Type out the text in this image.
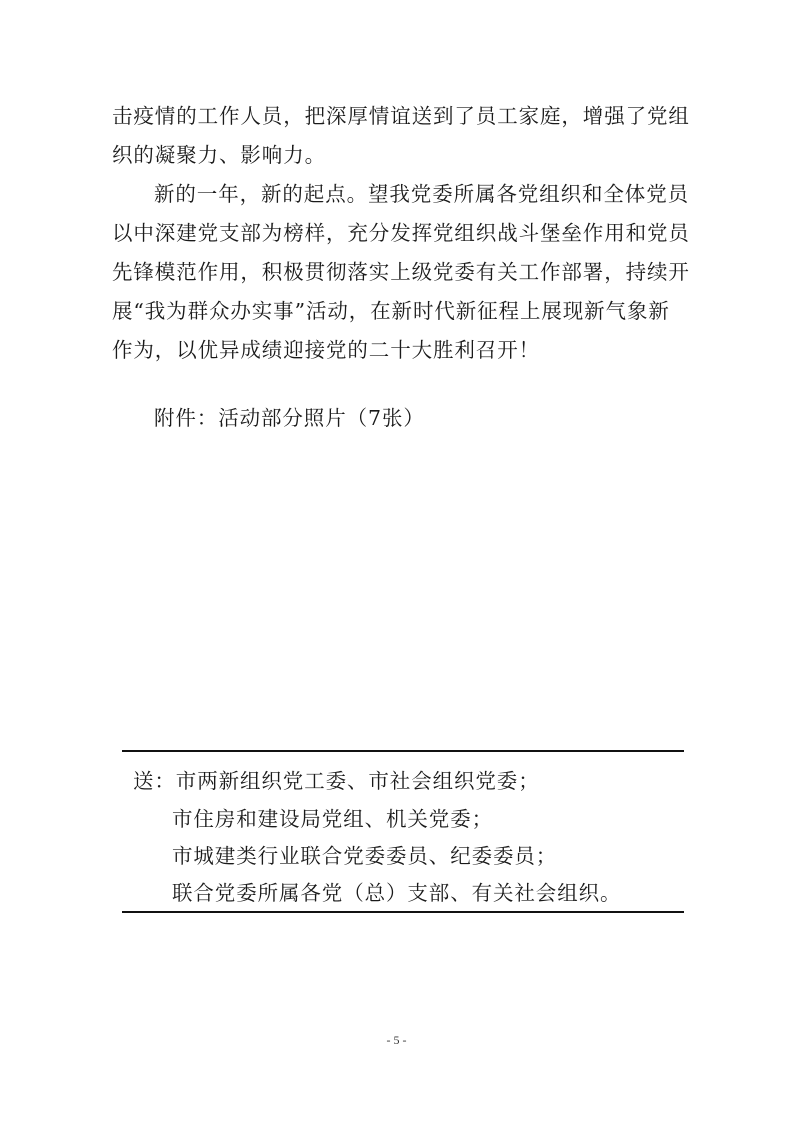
击疫情的工作人员，把深厚情谊送到了员工家庭，增强了党组

织的凝聚力、影响力。

新的一年，新的起点。望我党委所属各党组织和全体党员

以中深建党支部为榜样，充分发挥党组织战斗堡垒作用和党员

先锋模范作用，积极贯彻落实上级党委有关工作部署，持续开

展“我为群众办实事”活动，在新时代新征程上展现新气象新

作为，以优异成绩迎接党的二十大胜利召开！

附件：活动部分照片（7张）
送：市两新组织党工委、市社会组织党委；
市住房和建设局党组、机关党委；
市城建类行业联合党委委员、纪委委员；
联合党委所属各党（总）支部、有关社会组织。
- 5 -
